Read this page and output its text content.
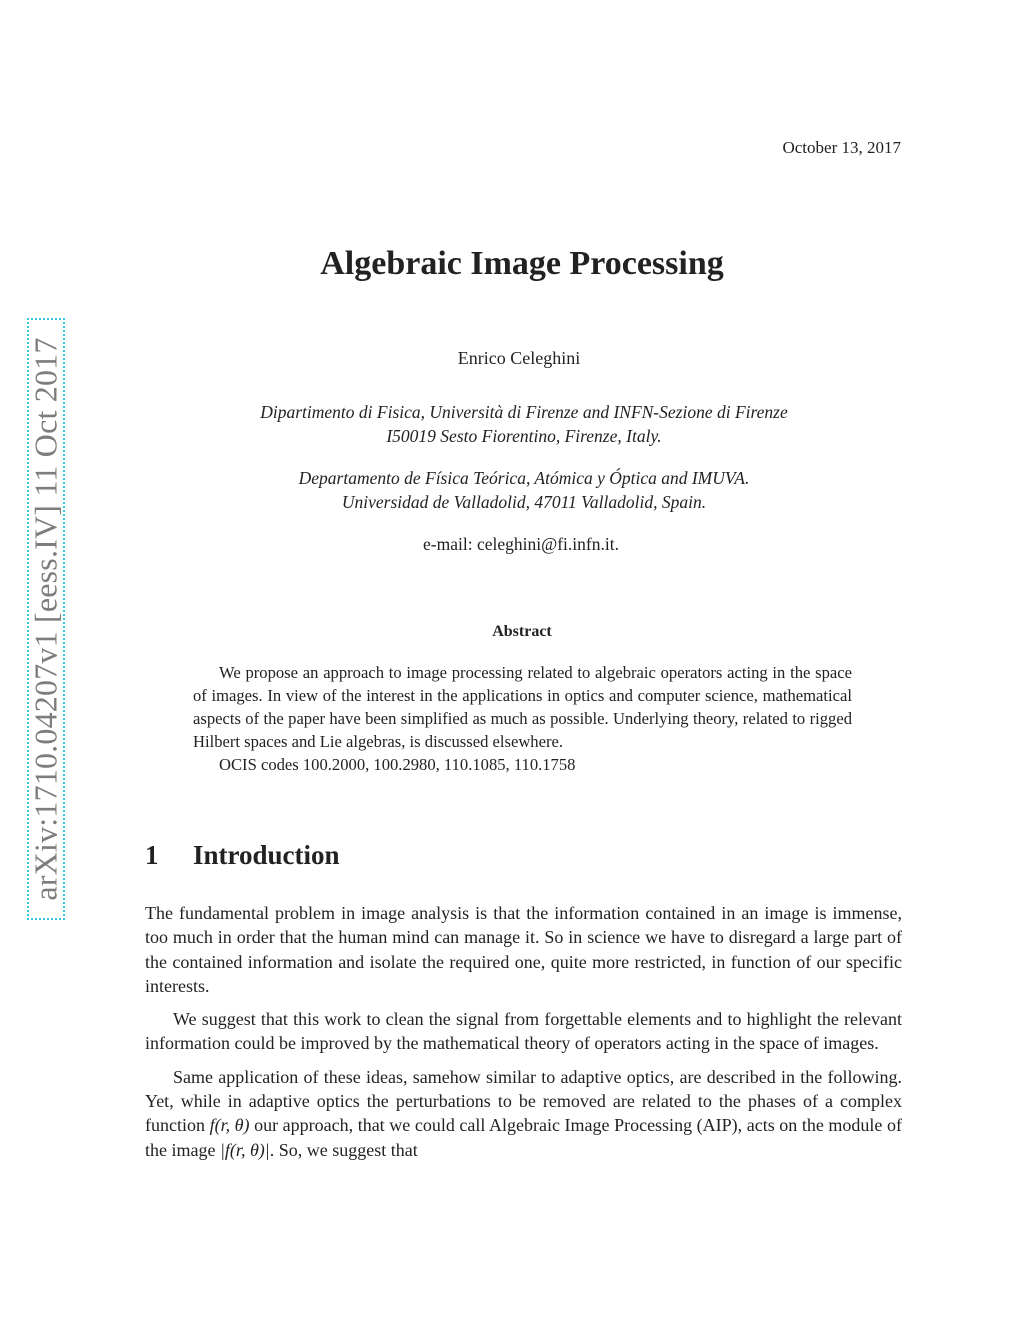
October 13, 2017
arXiv:1710.04207v1 [eess.IV] 11 Oct 2017
Algebraic Image Processing
Enrico Celeghini
Dipartimento di Fisica, Università di Firenze and INFN-Sezione di Firenze
I50019 Sesto Fiorentino, Firenze, Italy.
Departamento de Física Teórica, Atómica y Óptica and IMUVA.
Universidad de Valladolid, 47011 Valladolid, Spain.
e-mail: celeghini@fi.infn.it.
Abstract

We propose an approach to image processing related to algebraic operators acting in the space of images. In view of the interest in the applications in optics and computer science, mathematical aspects of the paper have been simplified as much as possible. Underlying theory, related to rigged Hilbert spaces and Lie algebras, is discussed elsewhere.

OCIS codes 100.2000, 100.2980, 110.1085, 110.1758

1 Introduction

The fundamental problem in image analysis is that the information contained in an image is immense, too much in order that the human mind can manage it. So in science we have to disregard a large part of the contained information and isolate the required one, quite more restricted, in function of our specific interests.

We suggest that this work to clean the signal from forgettable elements and to highlight the relevant information could be improved by the mathematical theory of operators acting in the space of images.

Same application of these ideas, samehow similar to adaptive optics, are described in the following. Yet, while in adaptive optics the perturbations to be removed are related to the phases of a complex function f(r, θ) our approach, that we could call Algebraic Image Processing (AIP), acts on the module of the image |f(r, θ)|. So, we suggest that
